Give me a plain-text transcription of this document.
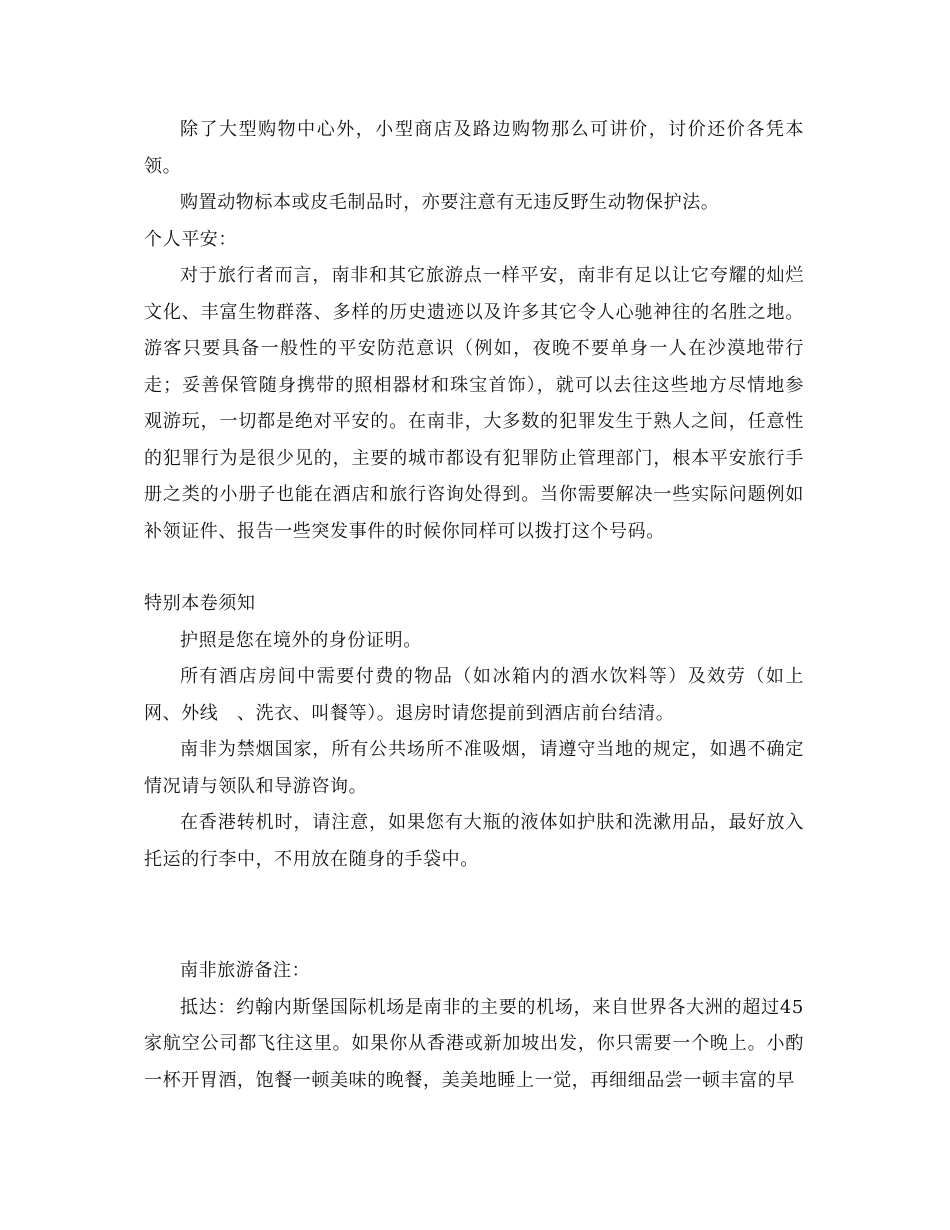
除了大型购物中心外，小型商店及路边购物那么可讲价，讨价还价各凭本领。

购置动物标本或皮毛制品时，亦要注意有无违反野生动物保护法。

个人平安：

对于旅行者而言，南非和其它旅游点一样平安，南非有足以让它夸耀的灿烂文化、丰富生物群落、多样的历史遗迹以及许多其它令人心驰神往的名胜之地。游客只要具备一般性的平安防范意识（例如，夜晚不要单身一人在沙漠地带行走；妥善保管随身携带的照相器材和珠宝首饰），就可以去往这些地方尽情地参观游玩，一切都是绝对平安的。在南非，大多数的犯罪发生于熟人之间，任意性的犯罪行为是很少见的，主要的城市都设有犯罪防止管理部门，根本平安旅行手册之类的小册子也能在酒店和旅行咨询处得到。当你需要解决一些实际问题例如补领证件、报告一些突发事件的时候你同样可以拨打这个号码。

特别本卷须知

护照是您在境外的身份证明。

所有酒店房间中需要付费的物品（如冰箱内的酒水饮料等）及效劳（如上网、外线　、洗衣、叫餐等）。退房时请您提前到酒店前台结清。

南非为禁烟国家，所有公共场所不准吸烟，请遵守当地的规定，如遇不确定情况请与领队和导游咨询。

在香港转机时，请注意，如果您有大瓶的液体如护肤和洗漱用品，最好放入托运的行李中，不用放在随身的手袋中。

南非旅游备注：

抵达：约翰内斯堡国际机场是南非的主要的机场，来自世界各大洲的超过45家航空公司都飞往这里。如果你从香港或新加坡出发，你只需要一个晚上。小酌一杯开胃酒，饱餐一顿美味的晚餐，美美地睡上一觉，再细细品尝一顿丰富的早
